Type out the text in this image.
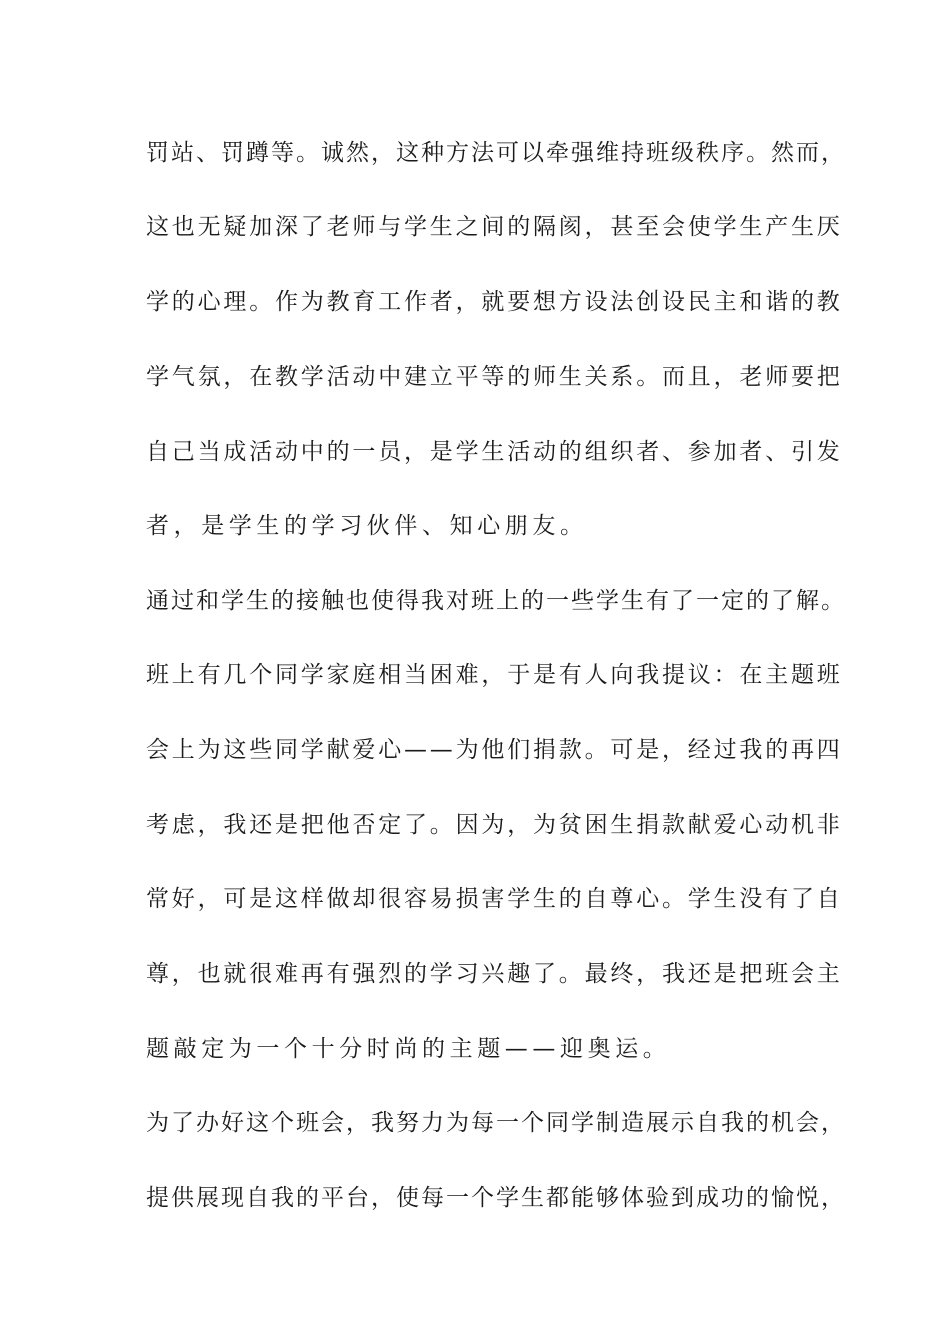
罚站、罚蹲等。诚然，这种方法可以牵强维持班级秩序。然而，
这也无疑加深了老师与学生之间的隔阂，甚至会使学生产生厌
学的心理。作为教育工作者，就要想方设法创设民主和谐的教
学气氛，在教学活动中建立平等的师生关系。而且，老师要把
自己当成活动中的一员，是学生活动的组织者、参加者、引发
者，是学生的学习伙伴、知心朋友。
通过和学生的接触也使得我对班上的一些学生有了一定的了解。
班上有几个同学家庭相当困难，于是有人向我提议：在主题班
会上为这些同学献爱心——为他们捐款。可是，经过我的再四
考虑，我还是把他否定了。因为，为贫困生捐款献爱心动机非
常好，可是这样做却很容易损害学生的自尊心。学生没有了自
尊，也就很难再有强烈的学习兴趣了。最终，我还是把班会主
题敲定为一个十分时尚的主题——迎奥运。
为了办好这个班会，我努力为每一个同学制造展示自我的机会，
提供展现自我的平台，使每一个学生都能够体验到成功的愉悦，
